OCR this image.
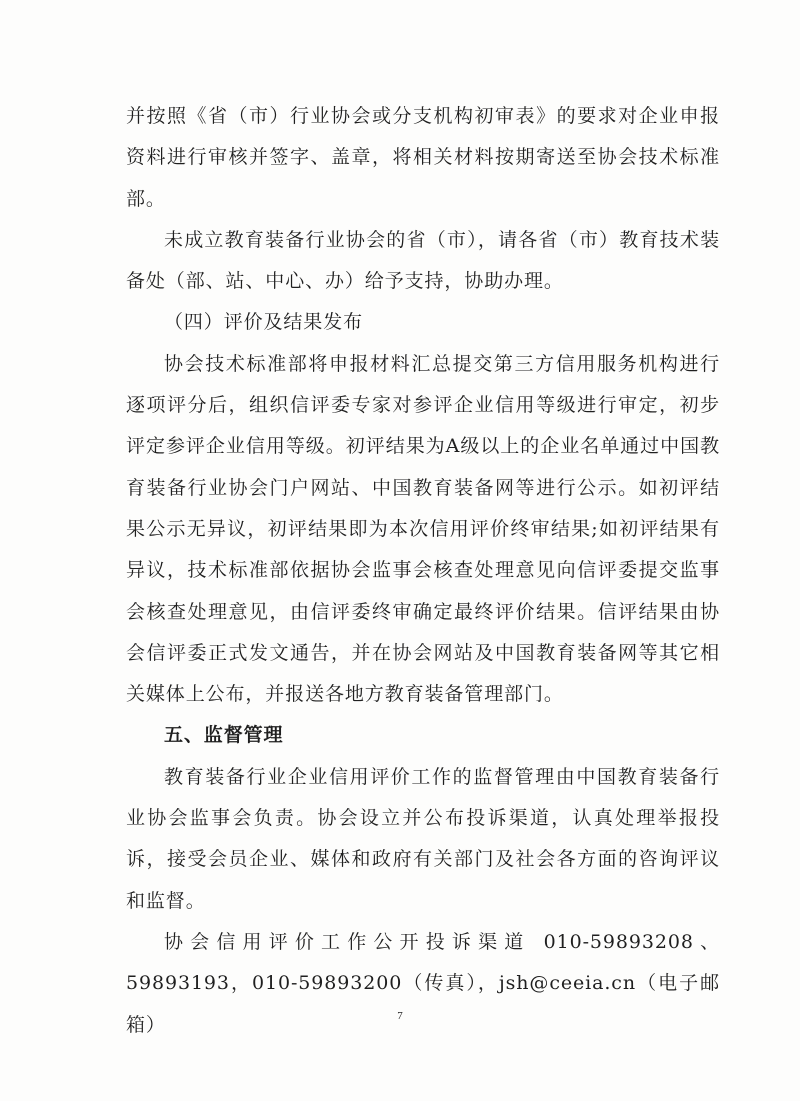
并按照《省（市）行业协会或分支机构初审表》的要求对企业申报资料进行审核并签字、盖章，将相关材料按期寄送至协会技术标准部。

未成立教育装备行业协会的省（市），请各省（市）教育技术装备处（部、站、中心、办）给予支持，协助办理。

（四）评价及结果发布

协会技术标准部将申报材料汇总提交第三方信用服务机构进行逐项评分后，组织信评委专家对参评企业信用等级进行审定，初步评定参评企业信用等级。初评结果为A级以上的企业名单通过中国教育装备行业协会门户网站、中国教育装备网等进行公示。如初评结果公示无异议，初评结果即为本次信用评价终审结果;如初评结果有异议，技术标准部依据协会监事会核查处理意见向信评委提交监事会核查处理意见，由信评委终审确定最终评价结果。信评结果由协会信评委正式发文通告，并在协会网站及中国教育装备网等其它相关媒体上公布，并报送各地方教育装备管理部门。

五、监督管理

教育装备行业企业信用评价工作的监督管理由中国教育装备行业协会监事会负责。协会设立并公布投诉渠道，认真处理举报投诉，接受会员企业、媒体和政府有关部门及社会各方面的咨询评议和监督。

协会信用评价工作公开投诉渠道 010-59893208、59893193，010-59893200（传真），jsh@ceeia.cn（电子邮箱）	7
